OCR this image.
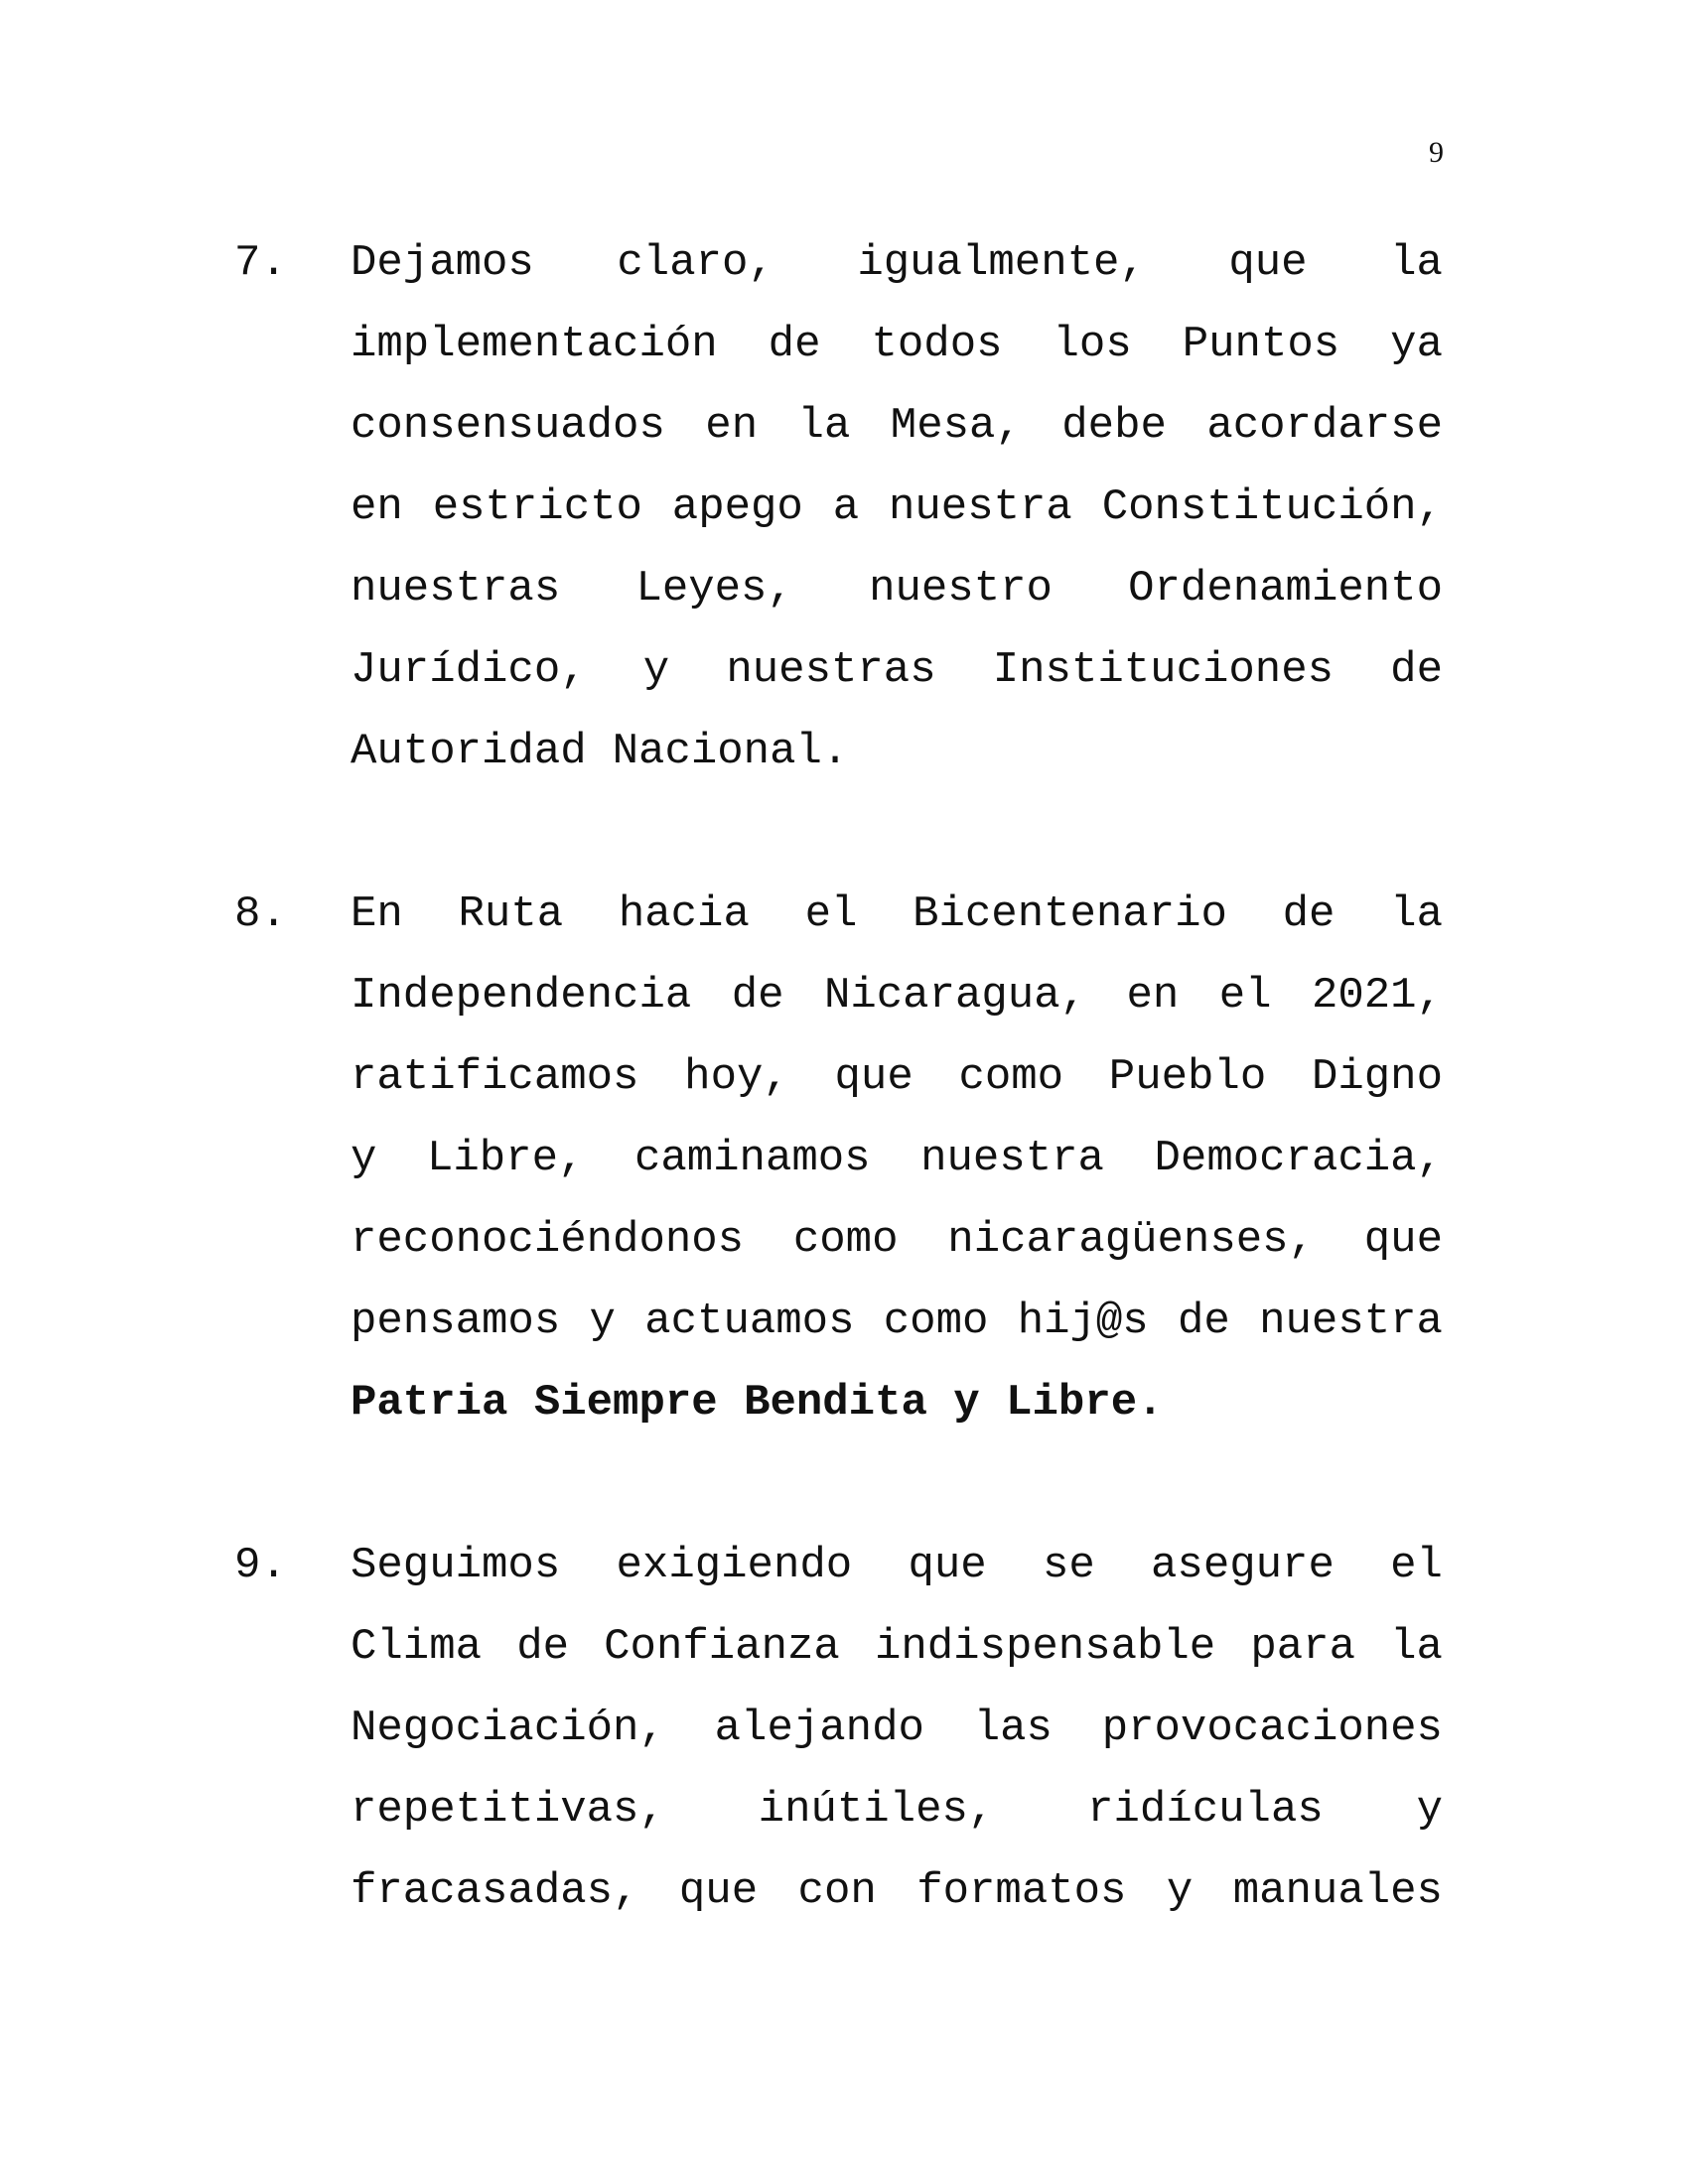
9
7. Dejamos claro, igualmente, que la
implementación de todos los Puntos ya
consensuados en la Mesa, debe acordarse
en estricto apego a nuestra Constitución,
nuestras Leyes, nuestro Ordenamiento
Jurídico, y nuestras Instituciones de
Autoridad Nacional.
8. En Ruta hacia el Bicentenario de la
Independencia de Nicaragua, en el 2021,
ratificamos hoy, que como Pueblo Digno
y Libre, caminamos nuestra Democracia,
reconociéndonos como nicaragüenses, que
pensamos y actuamos como hij@s de nuestra
Patria Siempre Bendita y Libre.
9. Seguimos exigiendo que se asegure el
Clima de Confianza indispensable para la
Negociación, alejando las provocaciones
repetitivas, inútiles, ridículas y
fracasadas, que con formatos y manuales
